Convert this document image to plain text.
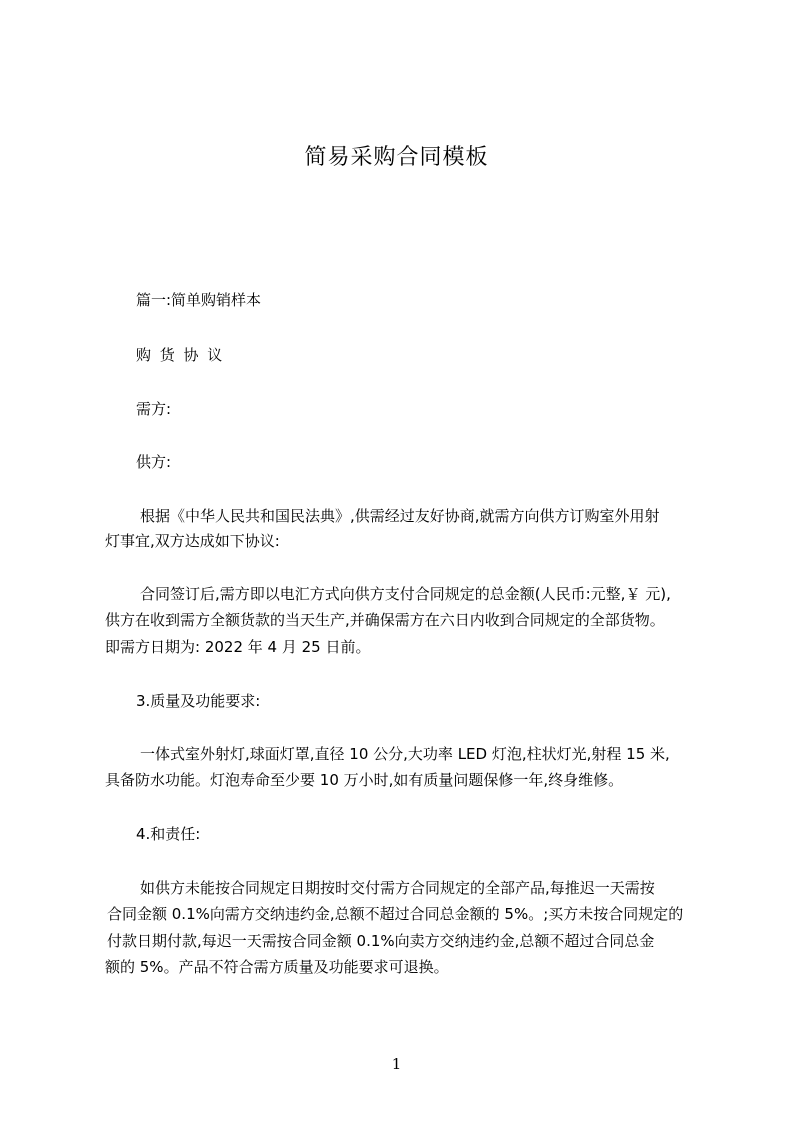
简易采购合同模板
篇一:简单购销样本
购 货 协 议
需方:
供方:
根据《中华人民共和国民法典》,供需经过友好协商,就需方向供方订购室外用射
灯事宜,双方达成如下协议:
合同签订后,需方即以电汇方式向供方支付合同规定的总金额(人民币:元整,￥ 元),
供方在收到需方全额货款的当天生产,并确保需方在六日内收到合同规定的全部货物。
即需方日期为: 2022 年 4 月 25 日前。
3.质量及功能要求:
一体式室外射灯,球面灯罩,直径 10 公分,大功率 LED 灯泡,柱状灯光,射程 15 米,
具备防水功能。灯泡寿命至少要 10 万小时,如有质量问题保修一年,终身维修。
4.和责任:
如供方未能按合同规定日期按时交付需方合同规定的全部产品,每推迟一天需按
合同金额 0.1%向需方交纳违约金,总额不超过合同总金额的 5%。;买方未按合同规定的
付款日期付款,每迟一天需按合同金额 0.1%向卖方交纳违约金,总额不超过合同总金
额的 5%。产品不符合需方质量及功能要求可退换。
1
